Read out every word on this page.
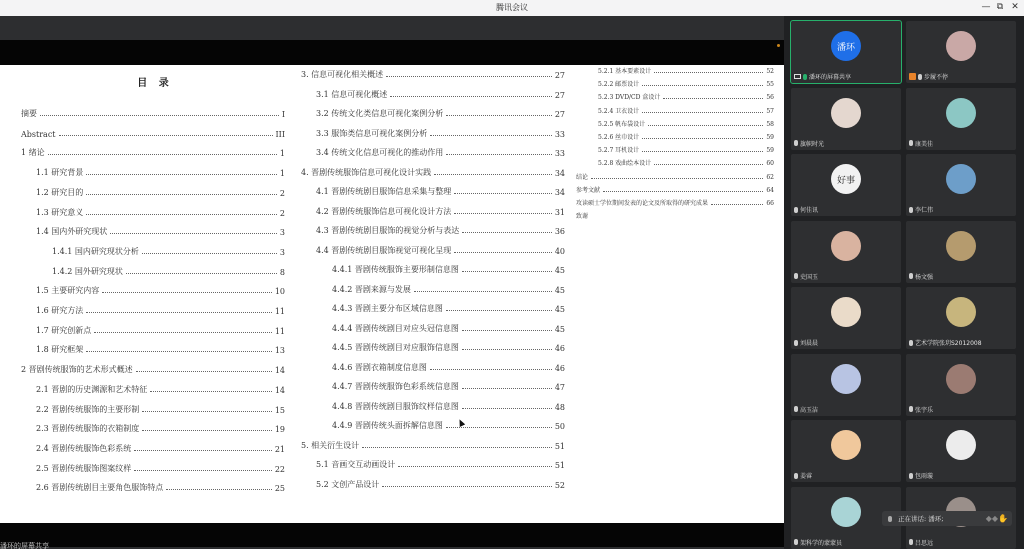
腾讯会议	— ⧉ ✕
目 录
摘要	I
Abstract	III
1 绪论	1
1.1 研究背景	1
1.2 研究目的	2
1.3 研究意义	2
1.4 国内外研究现状	3
1.4.1 国内研究现状分析	3
1.4.2 国外研究现状	8
1.5 主要研究内容	10
1.6 研究方法	11
1.7 研究创新点	11
1.8 研究框架	13
2 晋剧传统服饰的艺术形式概述	14
2.1 晋剧的历史渊源和艺术特征	14
2.2 晋剧传统服饰的主要形制	15
2.3 晋剧传统服饰的衣箱制度	19
2.4 晋剧传统服饰色彩系统	21
2.5 晋剧传统服饰图案纹样	22
2.6 晋剧传统剧目主要角色服饰特点	25
3. 信息可视化相关概述	27
3.1 信息可视化概述	27
3.2 传统文化类信息可视化案例分析	27
3.3 服饰类信息可视化案例分析	33
3.4 传统文化信息可视化的推动作用	33
4. 晋剧传统服饰信息可视化设计实践	34
4.1 晋剧传统剧目服饰信息采集与整理	34
4.2 晋剧传统服饰信息可视化设计方法	31
4.3 晋剧传统剧目服饰的视觉分析与表达	36
4.4 晋剧传统剧目服饰视觉可视化呈现	40
4.4.1 晋剧传统服饰主要形制信息图	45
4.4.2 晋剧来源与发展	45
4.4.3 晋剧主要分布区域信息图	45
4.4.4 晋剧传统剧目对应头冠信息图	45
4.4.5 晋剧传统剧目对应服饰信息图	46
4.4.6 晋剧衣箱制度信息图	46
4.4.7 晋剧传统服饰色彩系统信息图	47
4.4.8 晋剧传统剧目服饰纹样信息图	48
4.4.9 晋剧传统头面拆解信息图	50
5. 相关衍生设计	51
5.1 音画交互动画设计	51
5.2 文创产品设计	52
5.2.1 基本要素设计	52
5.2.2 邮票设计	55
5.2.3 DVD/CD 盒设计	56
5.2.4 卫衣设计	57
5.2.5 帆布袋设计	58
5.2.6 丝巾设计	59
5.2.7 耳机设计	59
5.2.8 戏曲绘本设计	60
结论	62
参考文献	64
攻读硕士学位期间发表的论文及所取得的研究成果	66
致谢
潘环的屏幕共享
潘环
潘环的屏幕共享	步履不停
旗帜时光	康美佳
好事
何佳讯	李仁伟
史国玉	杨文强
刘晨晨	艺术学院张玥S2012008
高玉洁	张宇乐
姜睿	包雨璇
架科学的蒙蒙员	吕思远
正在讲话: 潘环;	◆◆✋
